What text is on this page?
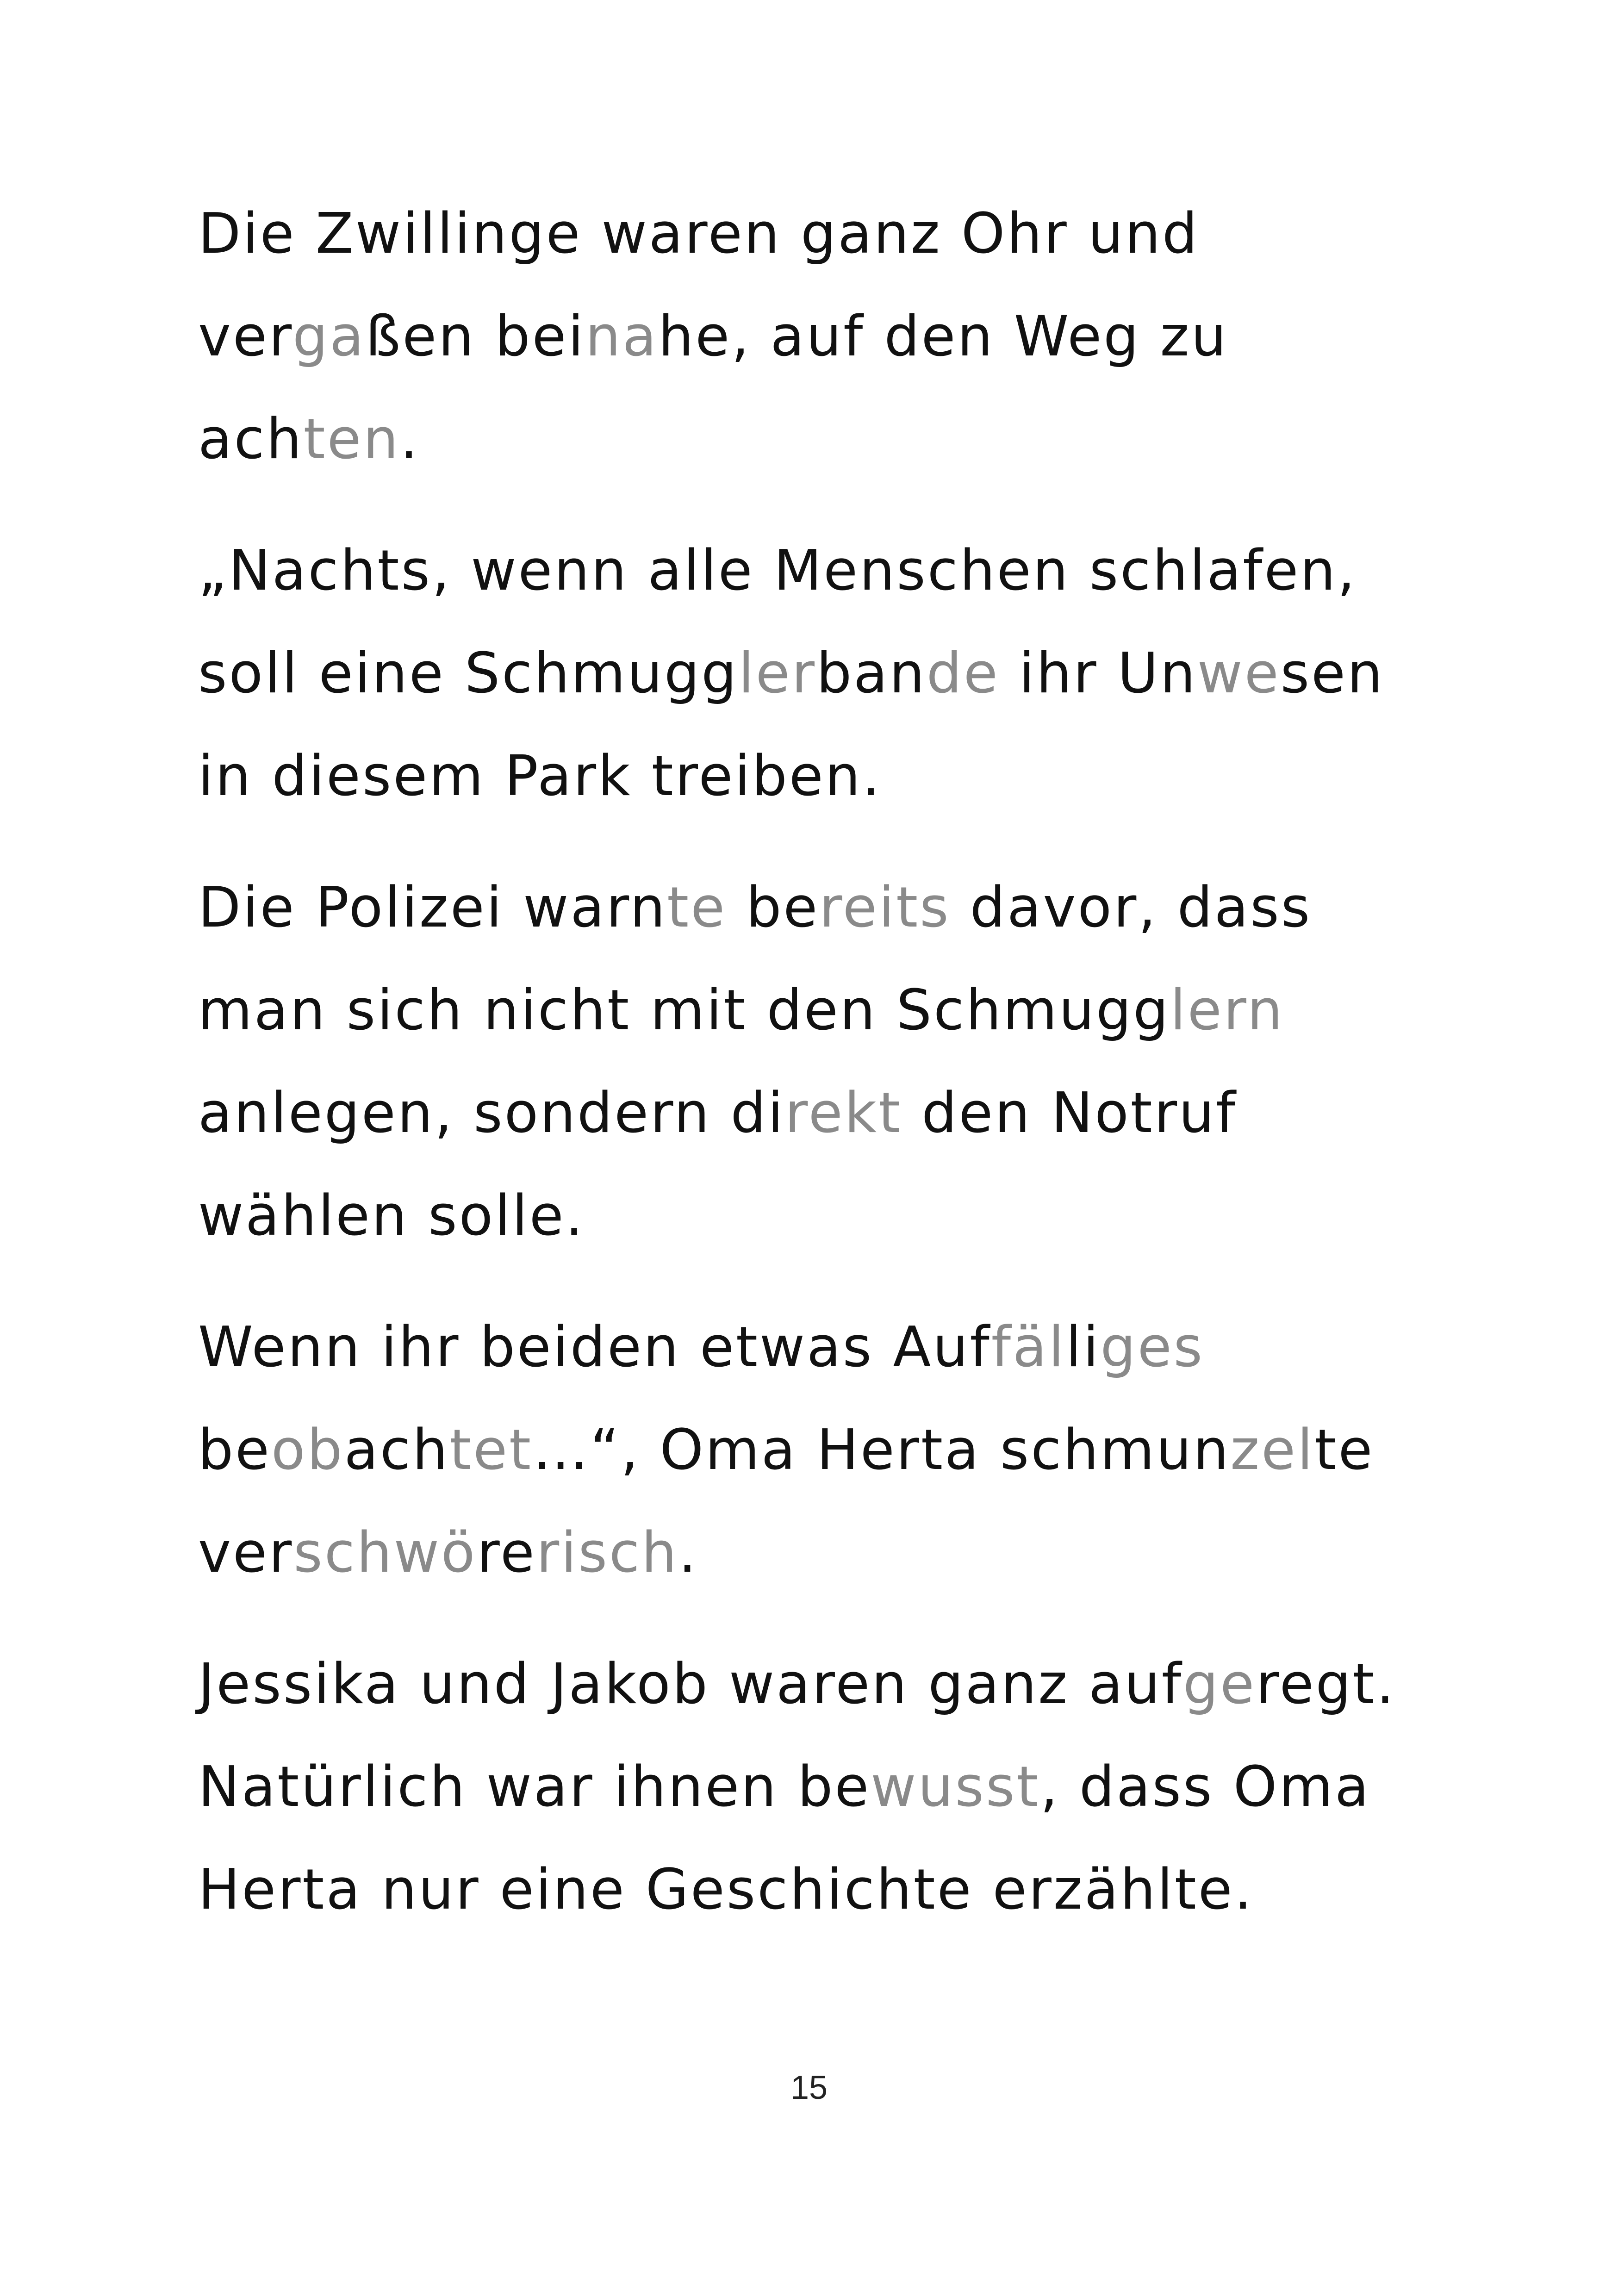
Die Zwillinge waren ganz Ohr und
vergaßen beinahe, auf den Weg zu
achten.
„Nachts, wenn alle Menschen schlafen,
soll eine Schmugglerbande ihr Unwesen
in diesem Park treiben.
Die Polizei warnte bereits davor, dass
man sich nicht mit den Schmugglern
anlegen, sondern direkt den Notruf
wählen solle.
Wenn ihr beiden etwas Auffälliges
beobachtet…“, Oma Herta schmunzelte
verschwörerisch.
Jessika und Jakob waren ganz aufgeregt.
Natürlich war ihnen bewusst, dass Oma
Herta nur eine Geschichte erzählte.
15
